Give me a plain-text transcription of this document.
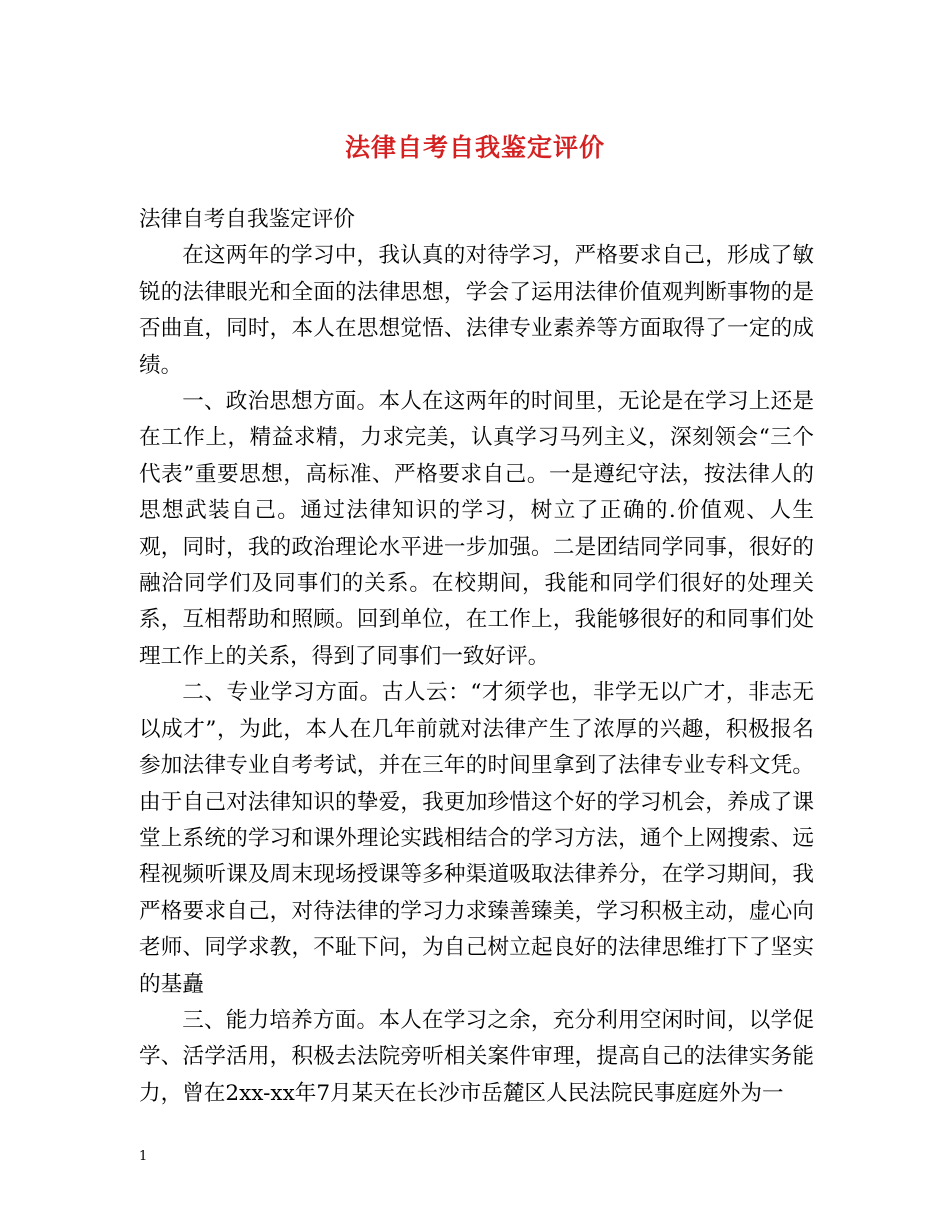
法律自考自我鉴定评价

法律自考自我鉴定评价

在这两年的学习中，我认真的对待学习，严格要求自己，形成了敏锐的法律眼光和全面的法律思想，学会了运用法律价值观判断事物的是否曲直，同时，本人在思想觉悟、法律专业素养等方面取得了一定的成绩。

一、政治思想方面。本人在这两年的时间里，无论是在学习上还是在工作上，精益求精，力求完美，认真学习马列主义，深刻领会“三个代表”重要思想，高标准、严格要求自己。一是遵纪守法，按法律人的思想武装自己。通过法律知识的学习，树立了正确的.价值观、人生观，同时，我的政治理论水平进一步加强。二是团结同学同事，很好的融洽同学们及同事们的关系。在校期间，我能和同学们很好的处理关系，互相帮助和照顾。回到单位，在工作上，我能够很好的和同事们处理工作上的关系，得到了同事们一致好评。

二、专业学习方面。古人云：“才须学也，非学无以广才，非志无以成才”，为此，本人在几年前就对法律产生了浓厚的兴趣，积极报名参加法律专业自考考试，并在三年的时间里拿到了法律专业专科文凭。由于自己对法律知识的挚爱，我更加珍惜这个好的学习机会，养成了课堂上系统的学习和课外理论实践相结合的学习方法，通个上网搜索、远程视频听课及周末现场授课等多种渠道吸取法律养分，在学习期间，我严格要求自己，对待法律的学习力求臻善臻美，学习积极主动，虚心向老师、同学求教，不耻下问，为自己树立起良好的法律思维打下了坚实的基矗

三、能力培养方面。本人在学习之余，充分利用空闲时间，以学促学、活学活用，积极去法院旁听相关案件审理，提高自己的法律实务能力，曾在2xx-xx年7月某天在长沙市岳麓区人民法院民事庭庭外为一

1
